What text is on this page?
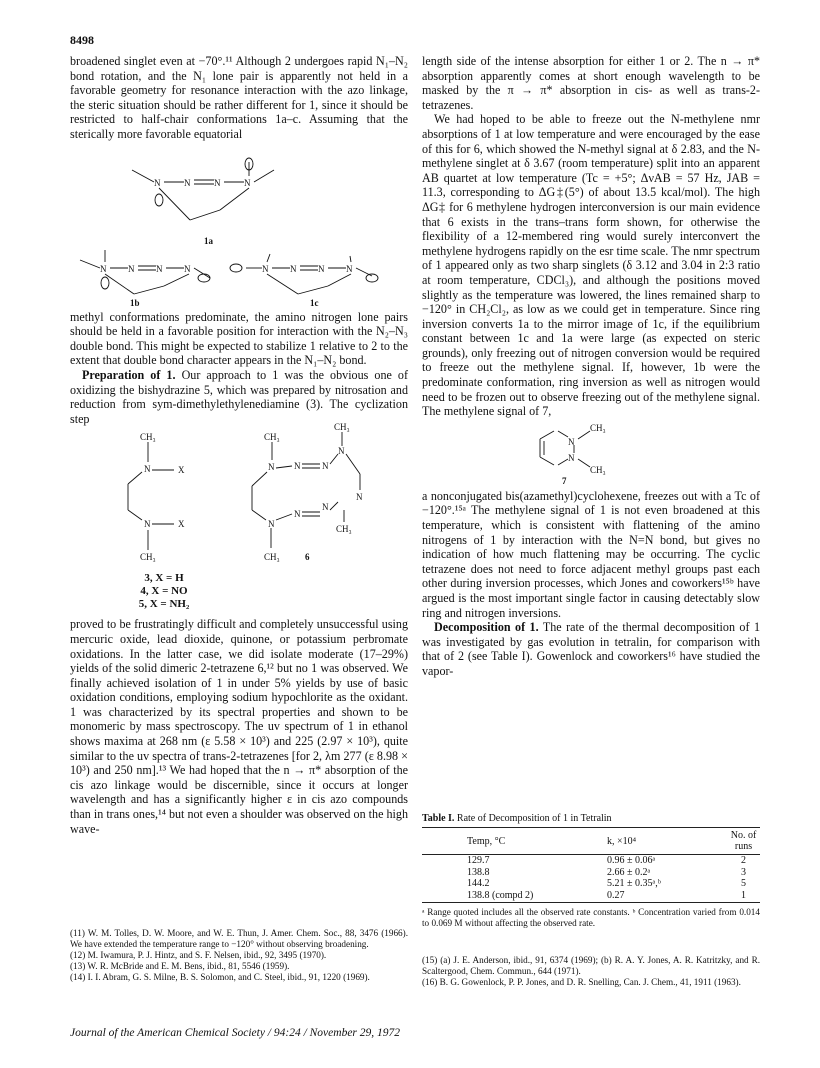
8498

broadened singlet even at −70°.¹¹ Although 2 undergoes rapid N₁–N₂ bond rotation, and the N₁ lone pair is apparently not held in a favorable geometry for resonance interaction with the azo linkage, the steric situation should be rather different for 1, since it should be restricted to half-chair conformations 1a–c. Assuming that the sterically more favorable equatorial

N	N	N	N
1a
N N N N	N N N N
1b	1c

methyl conformations predominate, the amino nitrogen lone pairs should be held in a favorable position for interaction with the N₂–N₃ double bond. This might be expected to stabilize 1 relative to 2 to the extent that double bond character appears in the N₁–N₂ bond.

Preparation of 1. Our approach to 1 was the obvious one of oxidizing the bishydrazine 5, which was prepared by nitrosation and reduction from sym-dimethylethylenediamine (3). The cyclization step

CH₃
N	X
N	X
CH₃
CH₃
N N N
CH₃
N
N
N
N
N
CH₃
CH₃	6
3, X = H
4, X = NO
5, X = NH₂

proved to be frustratingly difficult and completely unsuccessful using mercuric oxide, lead dioxide, quinone, or potassium perbromate oxidations. In the latter case, we did isolate moderate (17–29%) yields of the solid dimeric 2-tetrazene 6,¹² but no 1 was observed. We finally achieved isolation of 1 in under 5% yields by use of basic oxidation conditions, employing sodium hypochlorite as the oxidant. 1 was characterized by its spectral properties and shown to be monomeric by mass spectroscopy. The uv spectrum of 1 in ethanol shows maxima at 268 nm (ε 5.58 × 10³) and 225 (2.97 × 10³), quite similar to the uv spectra of trans-2-tetrazenes [for 2, λm 277 (ε 8.98 × 10³) and 250 nm].¹³ We had hoped that the n → π* absorption of the cis azo linkage would be discernible, since it occurs at longer wavelength and has a significantly higher ε in cis azo compounds than in trans ones,¹⁴ but not even a shoulder was observed on the high wave-

length side of the intense absorption for either 1 or 2. The n → π* absorption apparently comes at short enough wavelength to be masked by the π → π* absorption in cis- as well as trans-2-tetrazenes.

We had hoped to be able to freeze out the N-methylene nmr absorptions of 1 at low temperature and were encouraged by the ease of this for 6, which showed the N-methyl signal at δ 2.83, and the N-methylene singlet at δ 3.67 (room temperature) split into an apparent AB quartet at low temperature (Tc = +5°; ΔνAB = 57 Hz, JAB = 11.3, corresponding to ΔG‡(5°) of about 13.5 kcal/mol). The high ΔG‡ for 6 methylene hydrogen interconversion is our main evidence that 6 exists in the trans–trans form shown, for otherwise the flexibility of a 12-membered ring would surely interconvert the methylene hydrogens rapidly on the esr time scale. The nmr spectrum of 1 appeared only as two sharp singlets (δ 3.12 and 3.04 in 2:3 ratio at room temperature, CDCl₃), and although the positions moved slightly as the temperature was lowered, the lines remained sharp to −120° in CH₂Cl₂, as low as we could get in temperature. Since ring inversion converts 1a to the mirror image of 1c, if the equilibrium constant between 1c and 1a were large (as expected on steric grounds), only freezing out of nitrogen conversion would be required to freeze out the methylene signal. If, however, 1b were the predominate conformation, ring inversion as well as nitrogen would need to be frozen out to observe freezing out of the methylene signal. The methylene signal of 7,

N
N
CH₃
CH₃
7

a nonconjugated bis(azamethyl)cyclohexene, freezes out with a Tc of −120°.¹⁵ᵃ The methylene signal of 1 is not even broadened at this temperature, which is consistent with flattening of the amino nitrogens of 1 by interaction with the N=N bond, but gives no indication of how much flattening may be occurring. The cyclic tetrazene does not need to force adjacent methyl groups past each other during inversion processes, which Jones and coworkers¹⁵ᵇ have argued is the most important single factor in causing detectably slow ring and nitrogen inversions.

Decomposition of 1. The rate of the thermal decomposition of 1 was investigated by gas evolution in tetralin, for comparison with that of 2 (see Table I). Gowenlock and coworkers¹⁶ have studied the vapor-

Table I. Rate of Decomposition of 1 in Tetralin
Temp, °C	k, ×10⁴	No. of runs
129.7	0.96 ± 0.06ᵃ	2
138.8	2.66 ± 0.2ᵃ	3
144.2	5.21 ± 0.35ᵃ,ᵇ	5
138.8 (compd 2)	0.27	1
ᵃ Range quoted includes all the observed rate constants. ᵇ Concentration varied from 0.014 to 0.069 M without affecting the observed rate.
(11) W. M. Tolles, D. W. Moore, and W. E. Thun, J. Amer. Chem. Soc., 88, 3476 (1966). We have extended the temperature range to −120° without observing broadening.
(12) M. Iwamura, P. J. Hintz, and S. F. Nelsen, ibid., 92, 3495 (1970).
(13) W. R. McBride and E. M. Bens, ibid., 81, 5546 (1959).
(14) I. I. Abram, G. S. Milne, B. S. Solomon, and C. Steel, ibid., 91, 1220 (1969).
(15) (a) J. E. Anderson, ibid., 91, 6374 (1969); (b) R. A. Y. Jones, A. R. Katritzky, and R. Scaltergood, Chem. Commun., 644 (1971).
(16) B. G. Gowenlock, P. P. Jones, and D. R. Snelling, Can. J. Chem., 41, 1911 (1963).
Journal of the American Chemical Society / 94:24 / November 29, 1972
